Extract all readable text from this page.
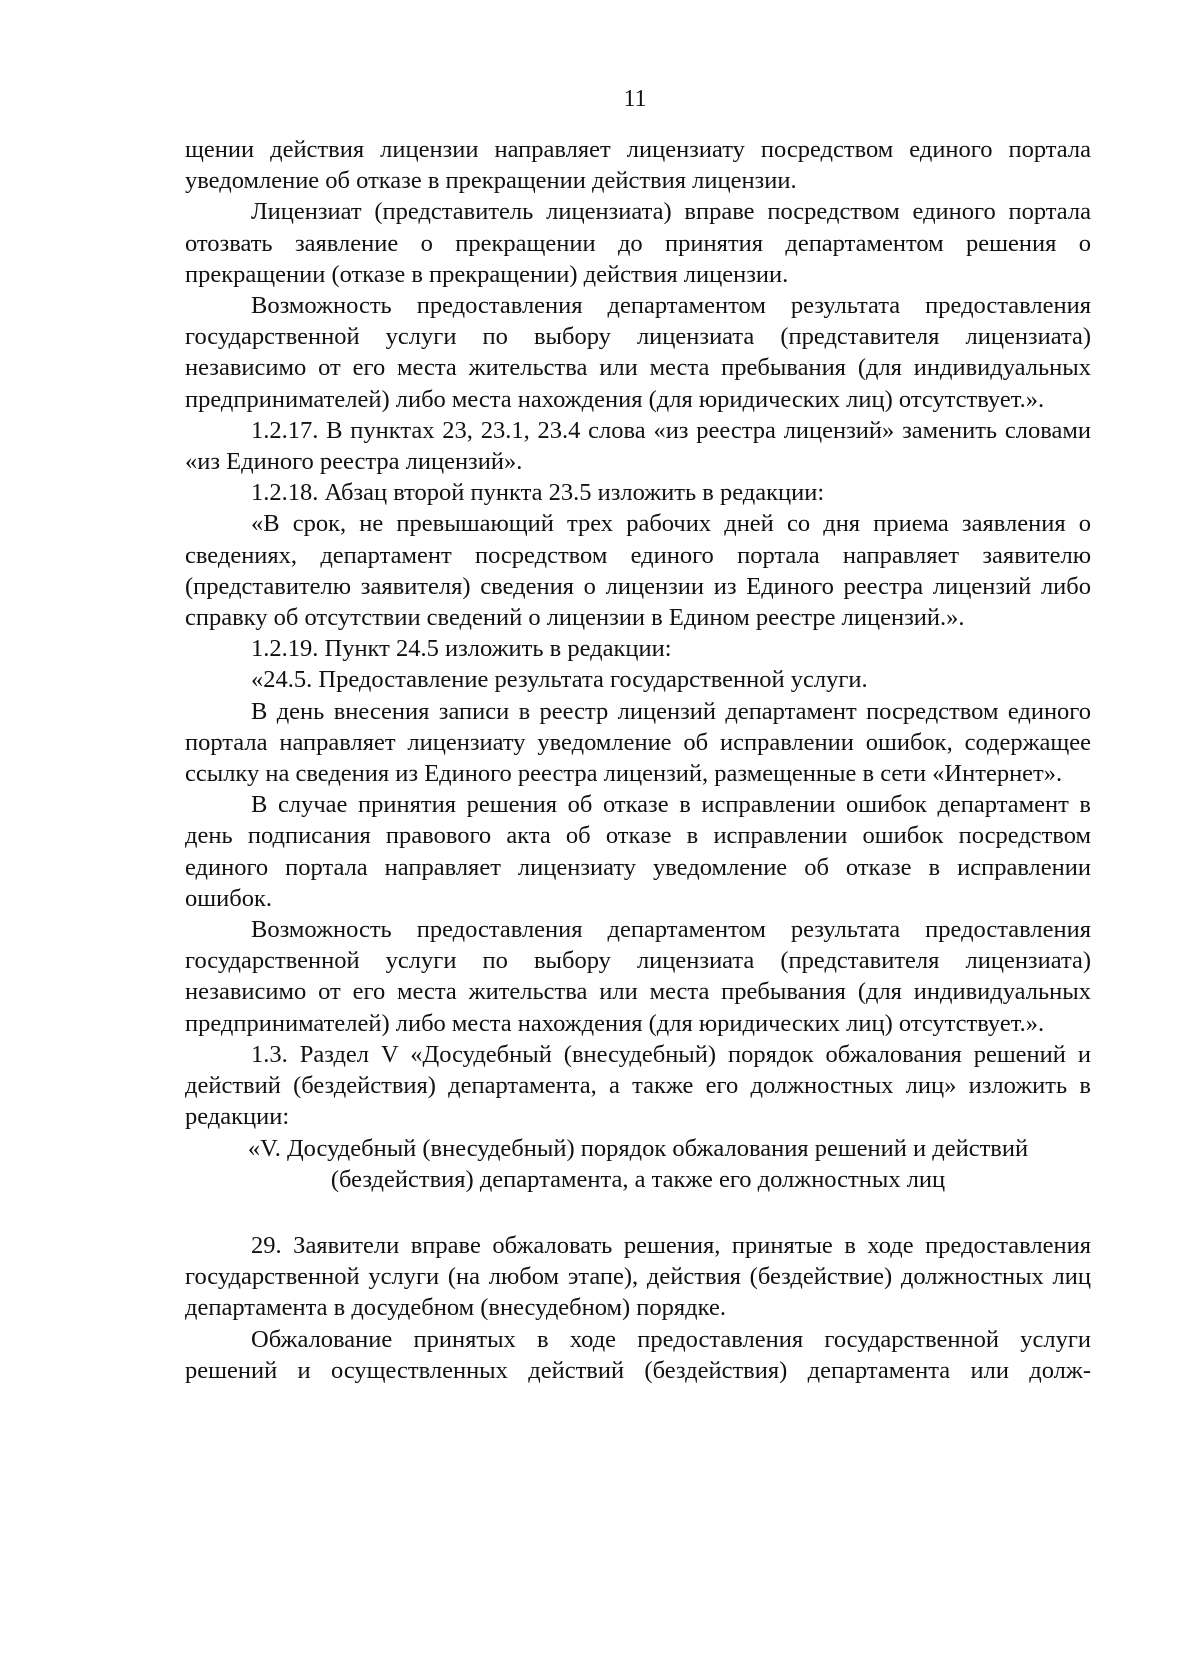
11

щении действия лицензии направляет лицензиату посредством единого портала уведомление об отказе в прекращении действия лицензии.

Лицензиат (представитель лицензиата) вправе посредством единого портала отозвать заявление о прекращении до принятия департаментом решения о прекращении (отказе в прекращении) действия лицензии.

Возможность предоставления департаментом результата предоставления государственной услуги по выбору лицензиата (представителя лицензиата) независимо от его места жительства или места пребывания (для индивидуальных предпринимателей) либо места нахождения (для юридических лиц) отсутствует.».

1.2.17. В пунктах 23, 23.1, 23.4 слова «из реестра лицензий» заменить словами «из Единого реестра лицензий».

1.2.18. Абзац второй пункта 23.5 изложить в редакции:

«В срок, не превышающий трех рабочих дней со дня приема заявления о сведениях, департамент посредством единого портала направляет заявителю (представителю заявителя) сведения о лицензии из Единого реестра лицензий либо справку об отсутствии сведений о лицензии в Едином реестре лицензий.».

1.2.19. Пункт 24.5 изложить в редакции:

«24.5. Предоставление результата государственной услуги.

В день внесения записи в реестр лицензий департамент посредством единого портала направляет лицензиату уведомление об исправлении ошибок, содержащее ссылку на сведения из Единого реестра лицензий, размещенные в сети «Интернет».

В случае принятия решения об отказе в исправлении ошибок департамент в день подписания правового акта об отказе в исправлении ошибок посредством единого портала направляет лицензиату уведомление об отказе в исправлении ошибок.

Возможность предоставления департаментом результата предоставления государственной услуги по выбору лицензиата (представителя лицензиата) независимо от его места жительства или места пребывания (для индивидуальных предпринимателей) либо места нахождения (для юридических лиц) отсутствует.».

1.3. Раздел V «Досудебный (внесудебный) порядок обжалования решений и действий (бездействия) департамента, а также его должностных лиц» изложить в редакции:

«V. Досудебный (внесудебный) порядок обжалования решений и действий
(бездействия) департамента, а также его должностных лиц

29. Заявители вправе обжаловать решения, принятые в ходе предоставления государственной услуги (на любом этапе), действия (бездействие) должностных лиц департамента в досудебном (внесудебном) порядке.

Обжалование принятых в ходе предоставления государственной услуги решений и осуществленных действий (бездействия) департамента или долж-
